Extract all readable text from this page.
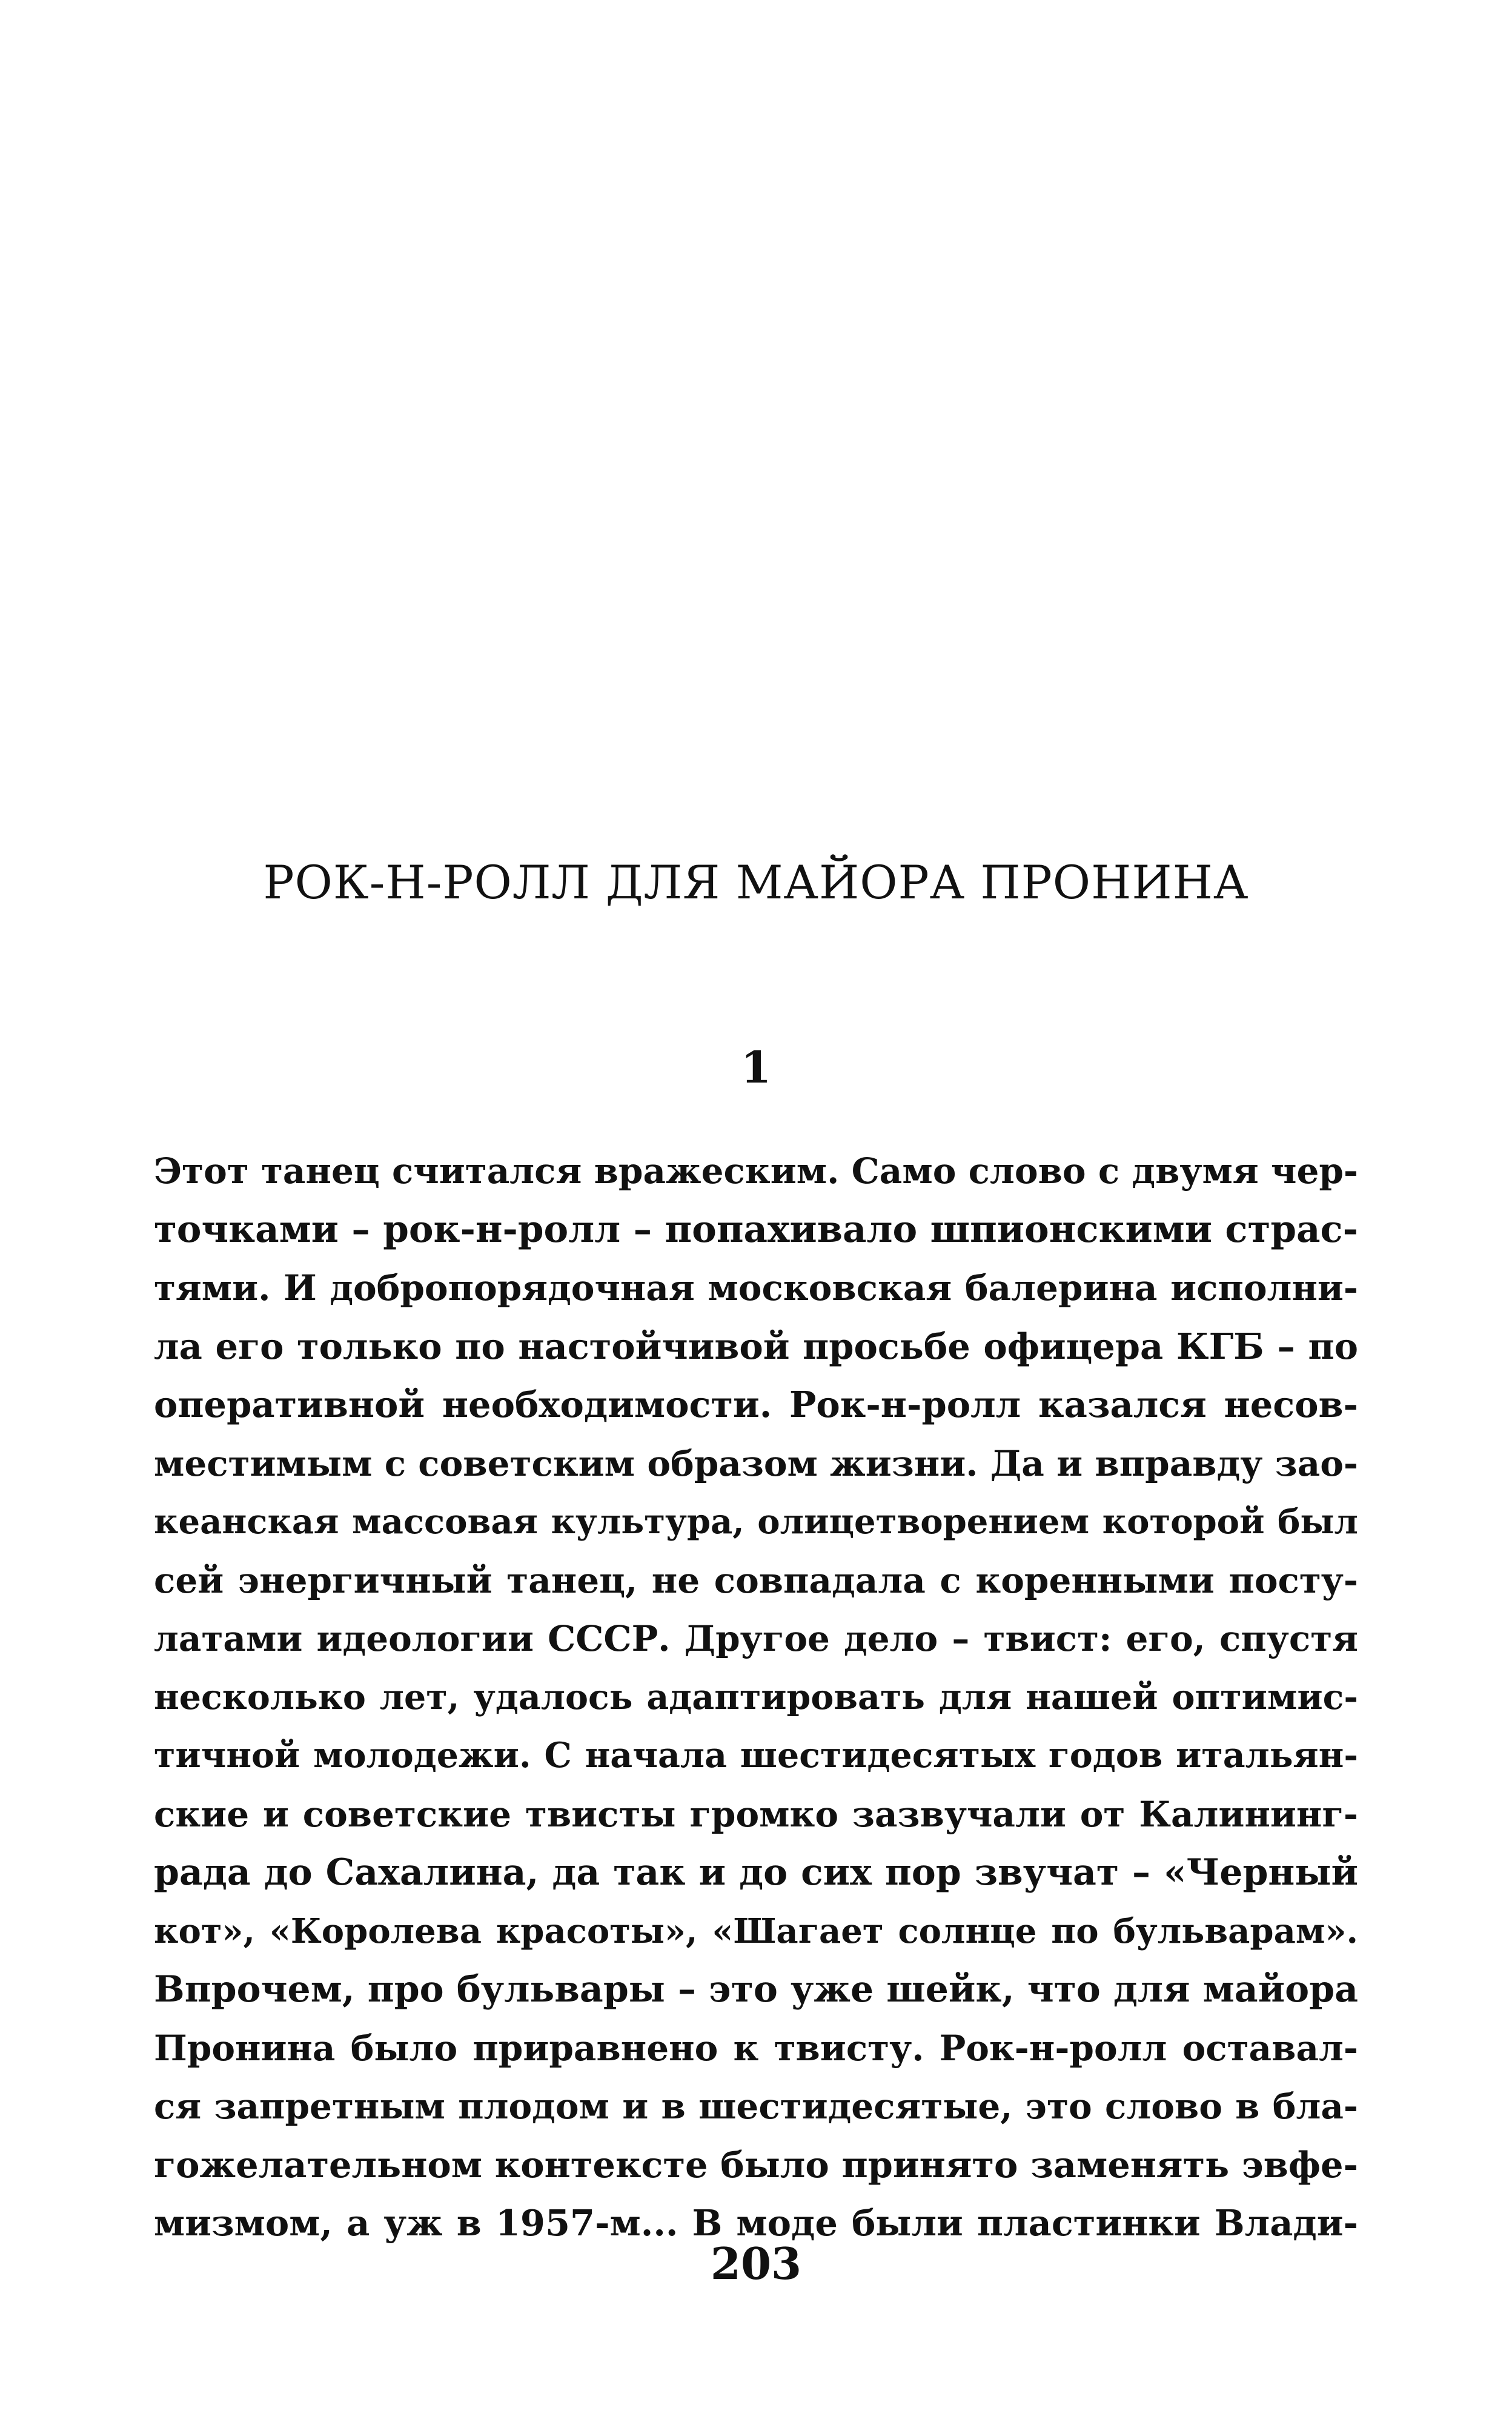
РОК-Н-РОЛЛ ДЛЯ МАЙОРА ПРОНИНА
1
Этот танец считался вражеским. Само слово с двумя чер-
точками – рок-н-ролл – попахивало шпионскими страс-
тями. И добропорядочная московская балерина исполни-
ла его только по настойчивой просьбе офицера КГБ – по
оперативной необходимости. Рок-н-ролл казался несов-
местимым с советским образом жизни. Да и вправду зао-
кеанская массовая культура, олицетворением которой был
сей энергичный танец, не совпадала с коренными посту-
латами идеологии СССР. Другое дело – твист: его, спустя
несколько лет, удалось адаптировать для нашей оптимис-
тичной молодежи. С начала шестидесятых годов итальян-
ские и советские твисты громко зазвучали от Калининг-
рада до Сахалина, да так и до сих пор звучат – «Черный
кот», «Королева красоты», «Шагает солнце по бульварам».
Впрочем, про бульвары – это уже шейк, что для майора
Пронина было приравнено к твисту. Рок-н-ролл оставал-
ся запретным плодом и в шестидесятые, это слово в бла-
гожелательном контексте было принято заменять эвфе-
мизмом, а уж в 1957-м... В моде были пластинки Влади-
203
